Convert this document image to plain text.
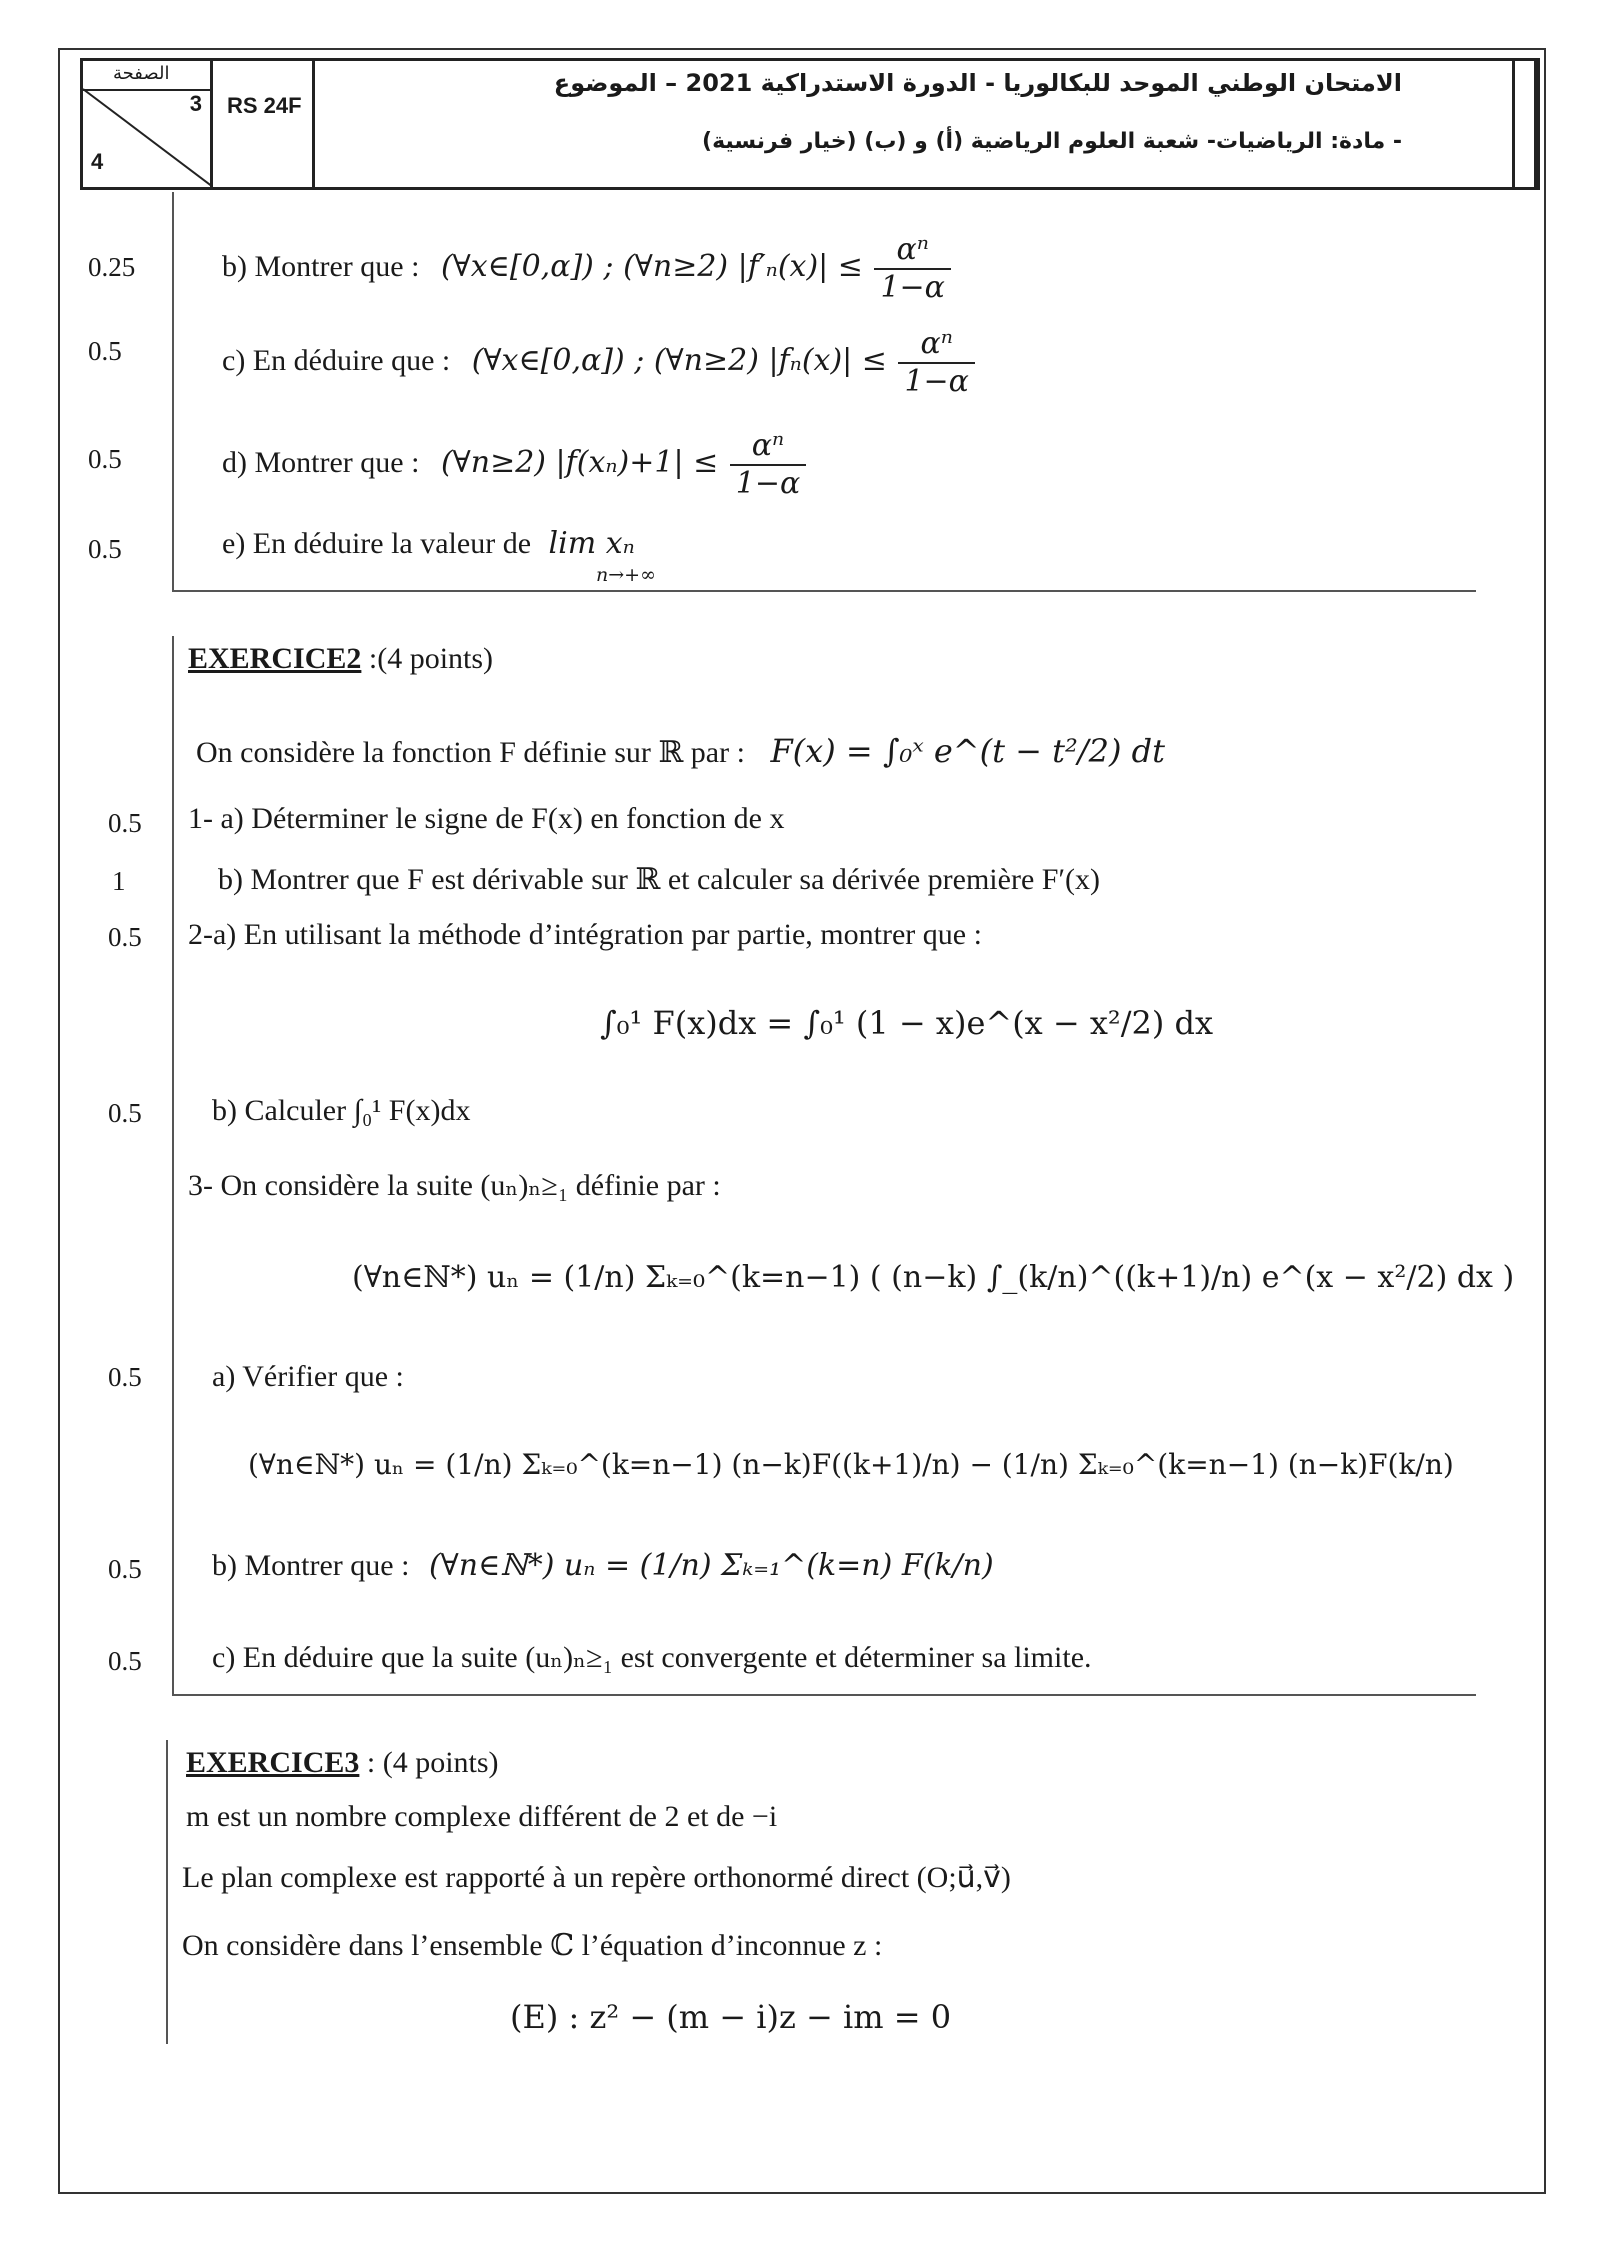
الصفحة
3
4
RS 24F
الامتحان الوطني الموحد للبكالوريا - الدورة الاستدراكية 2021 – الموضوع
- مادة: الرياضيات- شعبة العلوم الرياضية (أ) و (ب) (خيار فرنسية)
0.25	b) Montrer que : (∀x∈[0,α]) ; (∀n≥2) $|f'_n(x)| \le \frac{\text{αⁿ}}{1-\alpha}$
0.5	c) En déduire que : (∀x∈[0,α]) ; (∀n≥2) $|f_n(x)| \le \frac{\text{αⁿ}}{1-\alpha}$
0.5	d) Montrer que : (∀n≥2) $|f(x_n)+1| \le \frac{\text{αⁿ}}{1-\alpha}$
0.5	e) En déduire la valeur de lim xₙ
n→+∞
EXERCICE2 :(4 points)
On considère la fonction F définie sur ℝ par : F(x) = ∫₀ˣ e^(t − t²/2) dt
0.5	1- a) Déterminer le signe de F(x) en fonction de x
1	b) Montrer que F est dérivable sur ℝ et calculer sa dérivée première F′(x)
0.5	2-a) En utilisant la méthode d’intégration par partie, montrer que :
∫₀¹ F(x)dx = ∫₀¹ (1 − x)e^(x − x²/2) dx
0.5	b) Calculer ∫₀¹ F(x)dx
3- On considère la suite (uₙ)ₙ≥₁ définie par :
(∀n∈ℕ*) uₙ = (1/n) Σₖ₌₀^(k=n−1) ( (n−k) ∫_(k/n)^((k+1)/n) e^(x − x²/2) dx )
0.5	a) Vérifier que :
(∀n∈ℕ*) uₙ = (1/n) Σₖ₌₀^(k=n−1) (n−k)F((k+1)/n) − (1/n) Σₖ₌₀^(k=n−1) (n−k)F(k/n)
0.5	b) Montrer que : (∀n∈ℕ*) uₙ = (1/n) Σₖ₌₁^(k=n) F(k/n)
0.5	c) En déduire que la suite (uₙ)ₙ≥₁ est convergente et déterminer sa limite.
EXERCICE3 : (4 points)
m est un nombre complexe différent de 2 et de −i
Le plan complexe est rapporté à un repère orthonormé direct (O;u⃗,v⃗)
On considère dans l’ensemble ℂ l’équation d’inconnue z :
(E) : z² − (m − i)z − im = 0
